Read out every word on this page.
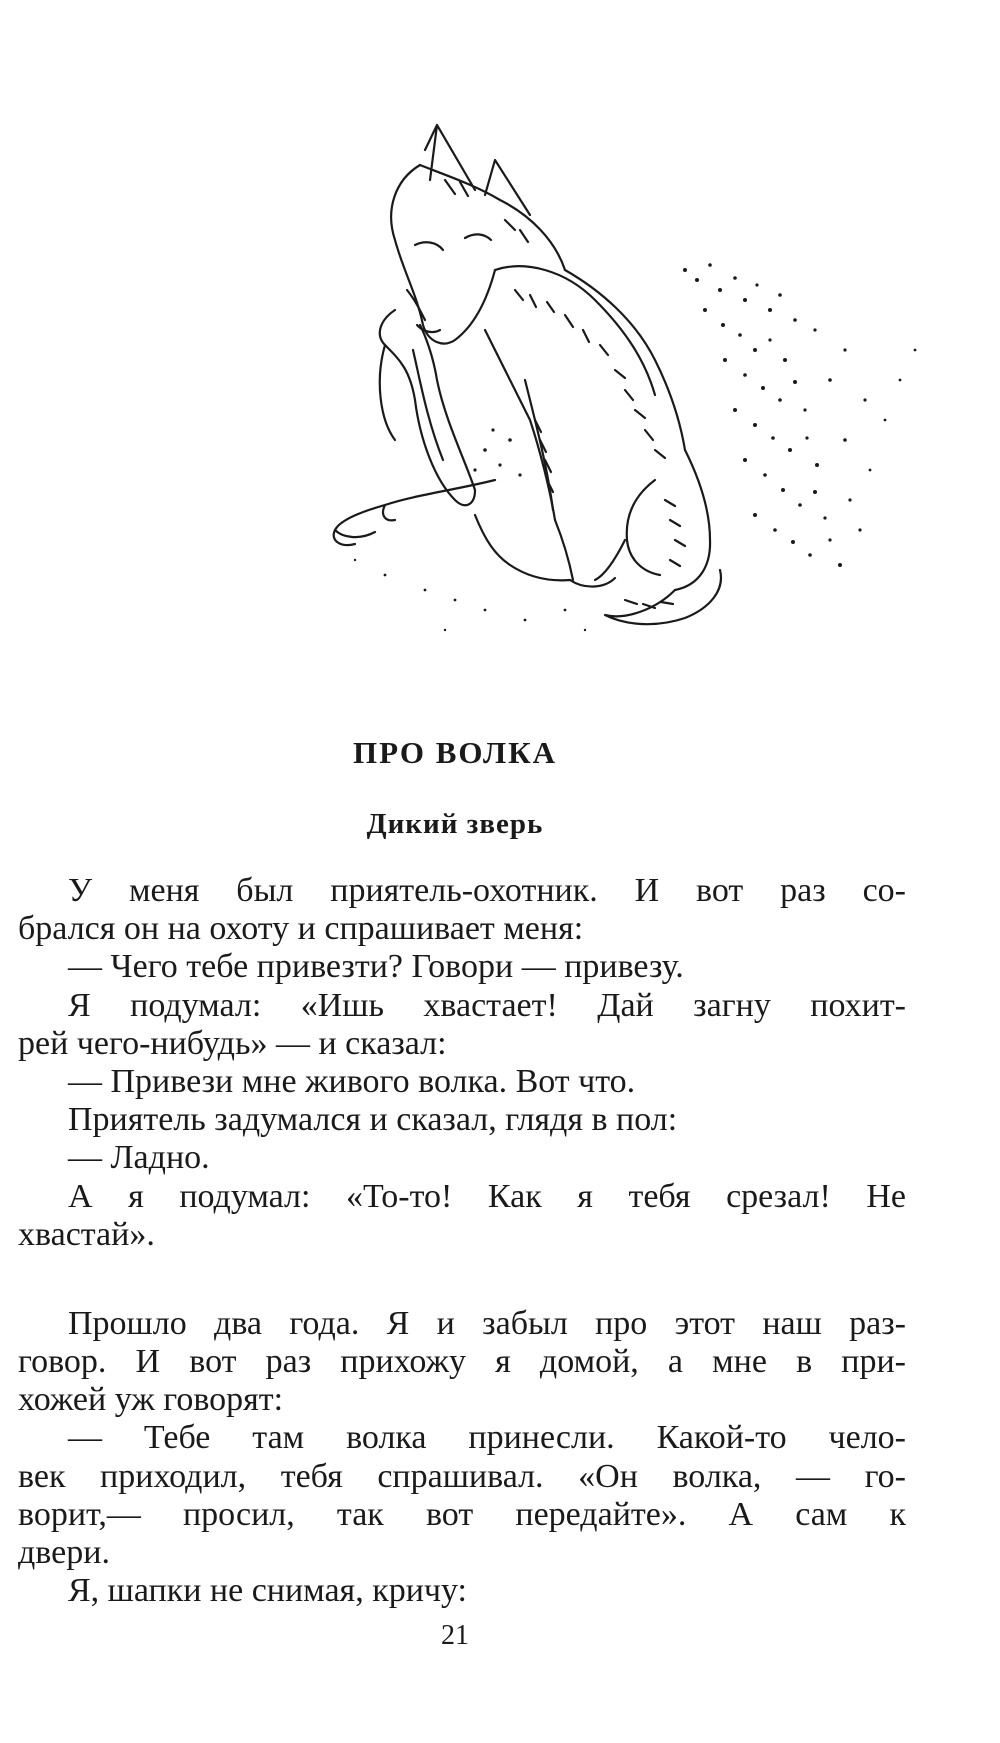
ПРО ВОЛКА
Дикий зверь
У меня был приятель-охотник. И вот раз со-
брался он на охоту и спрашивает меня:
— Чего тебе привезти? Говори — привезу.
Я подумал: «Ишь хвастает! Дай загну похит-
рей чего-нибудь» — и сказал:
— Привези мне живого волка. Вот что.
Приятель задумался и сказал, глядя в пол:
— Ладно.
А я подумал: «То-то! Как я тебя срезал! Не
хвастай».
Прошло два года. Я и забыл про этот наш раз-
говор. И вот раз прихожу я домой, а мне в при-
хожей уж говорят:
— Тебе там волка принесли. Какой-то чело-
век приходил, тебя спрашивал. «Он волка, — го-
ворит,— просил, так вот передайте». А сам к
двери.
Я, шапки не снимая, кричу:
21
